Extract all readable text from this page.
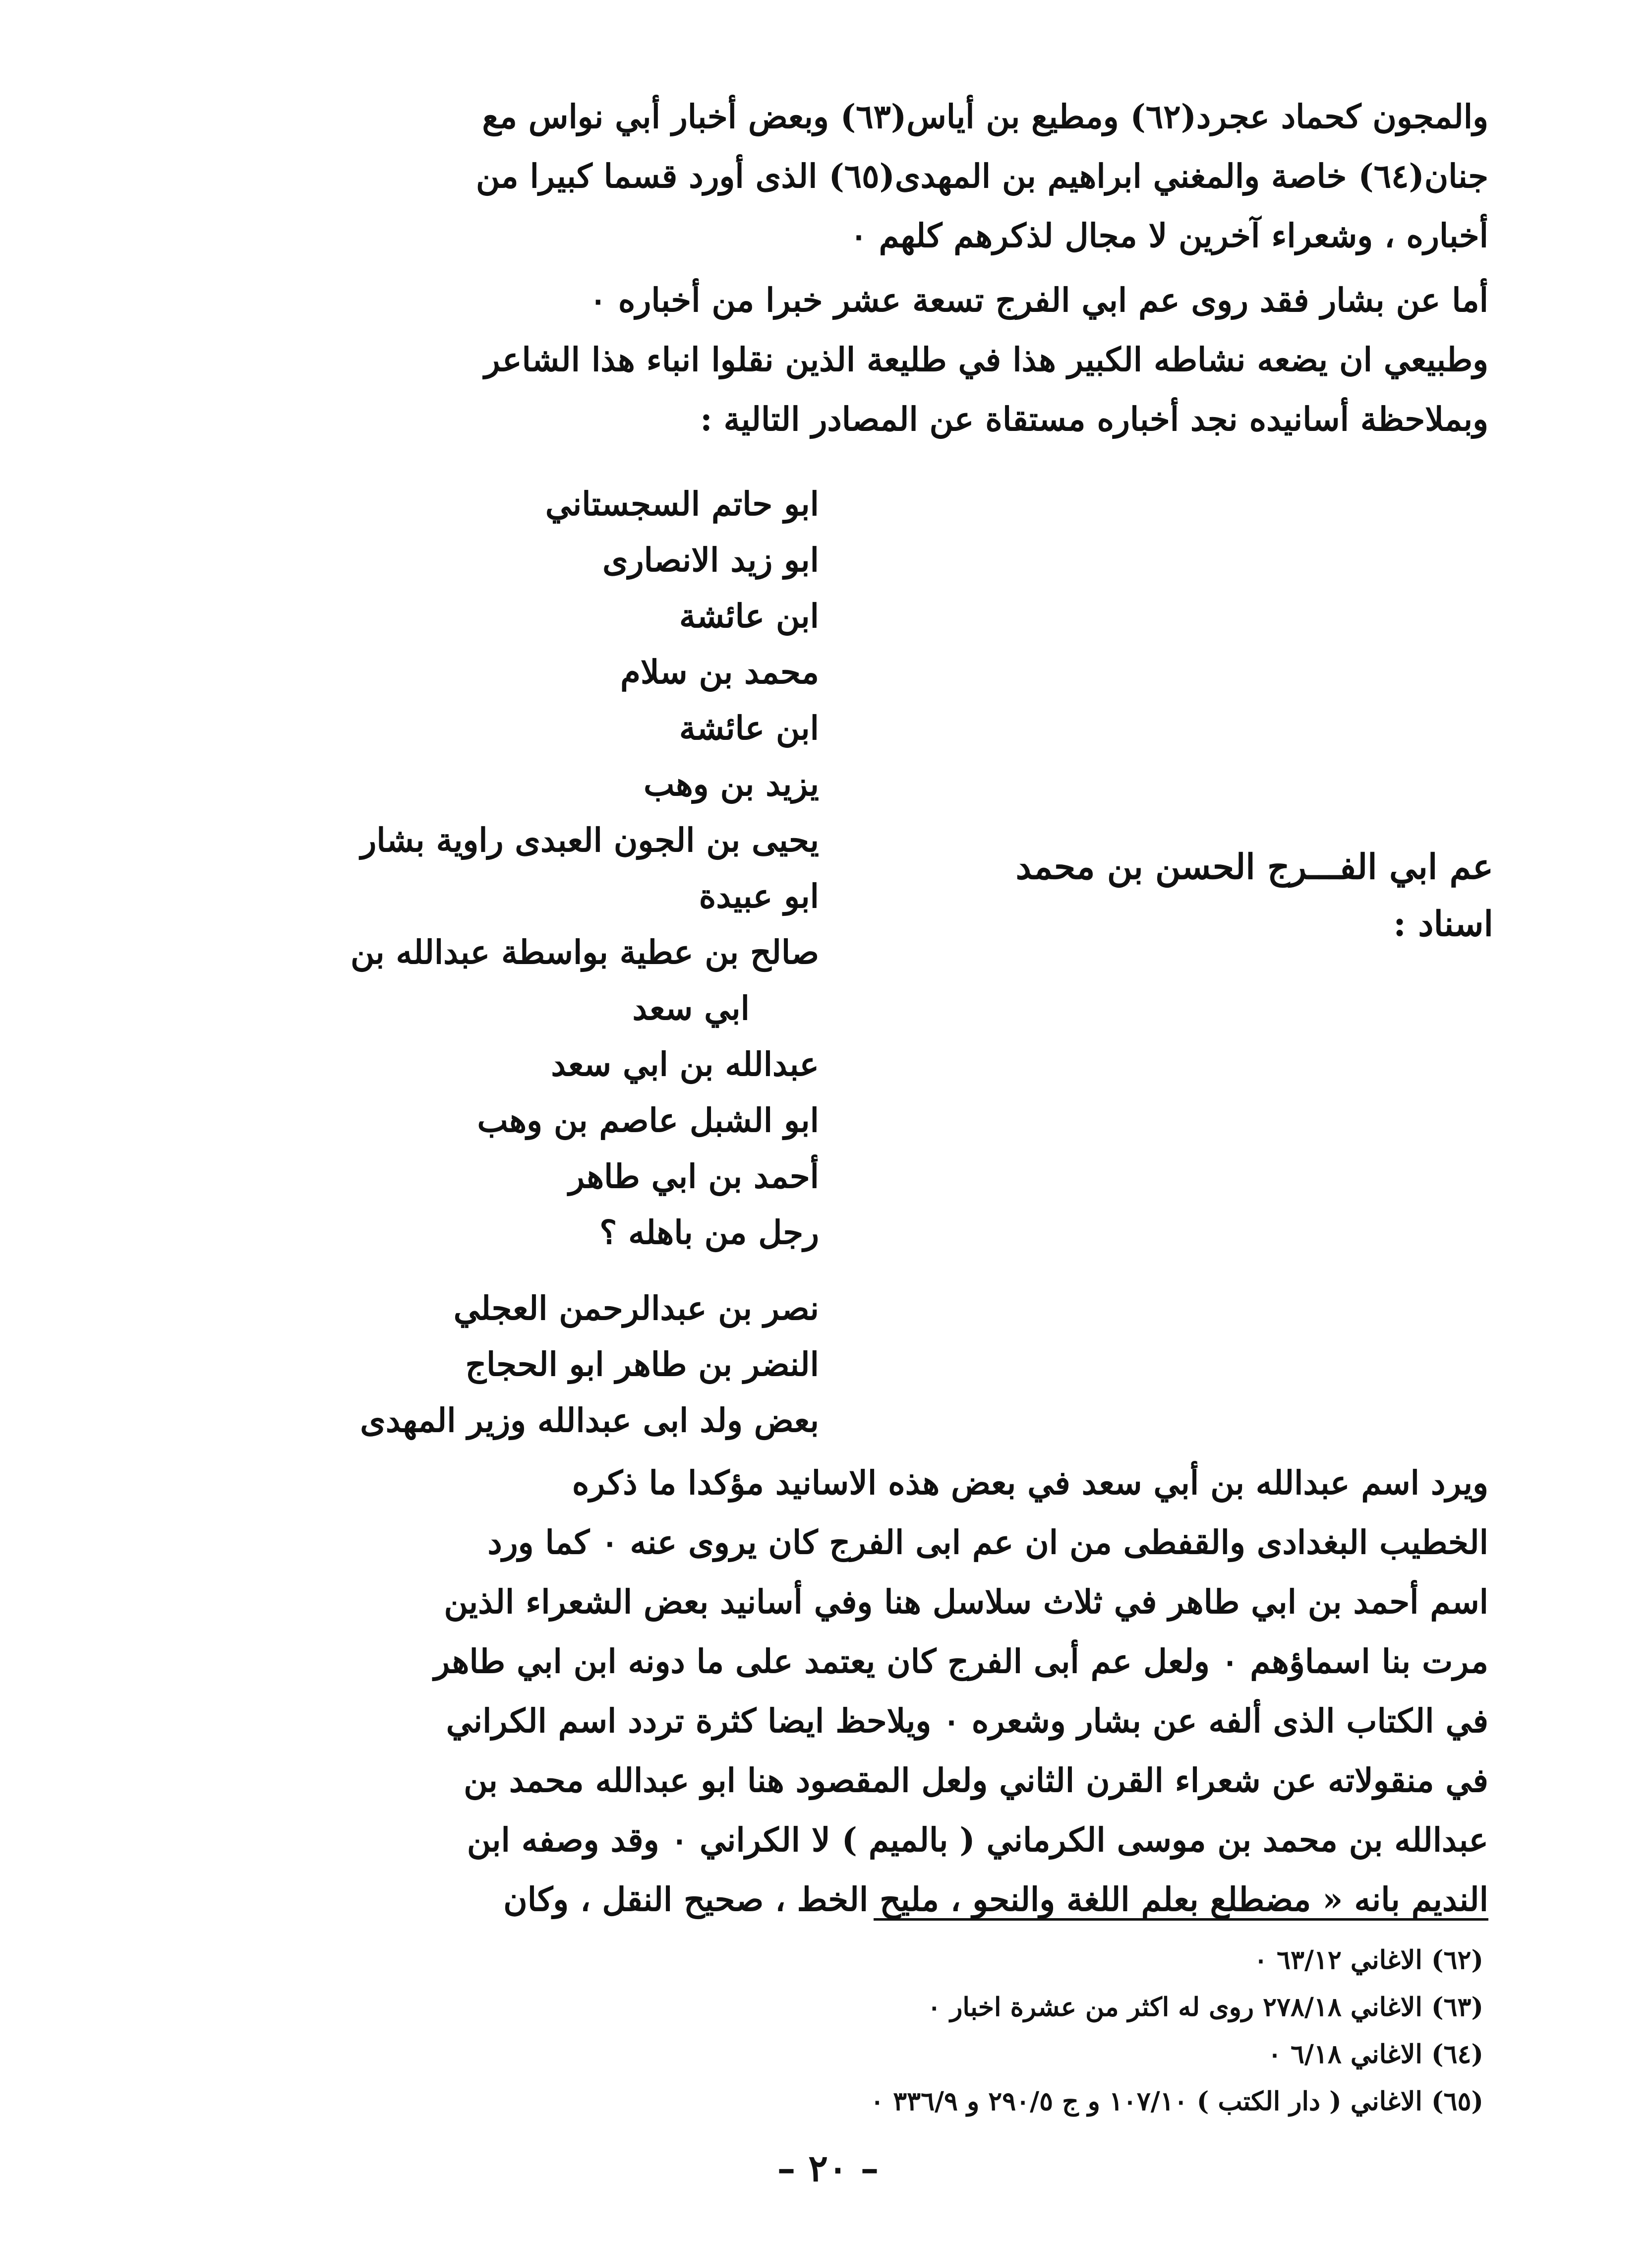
والمجون كحماد عجرد(٦٢) ومطيع بن أياس(٦٣) وبعض أخبار أبي نواس مع
جنان(٦٤) خاصة والمغني ابراهيم بن المهدى(٦٥) الذى أورد قسما كبيرا من
أخباره ، وشعراء آخرين لا مجال لذكرهم كلهم ٠
أما عن بشار فقد روى عم ابي الفرج تسعة عشر خبرا من أخباره ٠
وطبيعي ان يضعه نشاطه الكبير هذا في طليعة الذين نقلوا انباء هذا الشاعر
وبملاحظة أسانيده نجد أخباره مستقاة عن المصادر التالية :
ابو حاتم السجستاني
ابو زيد الانصارى
ابن عائشة
محمد بن سلام
ابن عائشة
يزيد بن وهب
يحيى بن الجون العبدى راوية بشار
ابو عبيدة
صالح بن عطية بواسطة عبدالله بن
ابي سعد
عبدالله بن ابي سعد
ابو الشبل عاصم بن وهب
أحمد بن ابي طاهر
رجل من باهله ؟
نصر بن عبدالرحمن العجلي
النضر بن طاهر ابو الحجاج
بعض ولد ابى عبدالله وزير المهدى
عم ابي الفـــرج الحسن بن محمد
اسناد :
ويرد اسم عبدالله بن أبي سعد في بعض هذه الاسانيد مؤكدا ما ذكره
الخطيب البغدادى والقفطى من ان عم ابى الفرج كان يروى عنه ٠ كما ورد
اسم أحمد بن ابي طاهر في ثلاث سلاسل هنا وفي أسانيد بعض الشعراء الذين
مرت بنا اسماؤهم ٠ ولعل عم أبى الفرج كان يعتمد على ما دونه ابن ابي طاهر
في الكتاب الذى ألفه عن بشار وشعره ٠ ويلاحظ ايضا كثرة تردد اسم الكراني
في منقولاته عن شعراء القرن الثاني ولعل المقصود هنا ابو عبدالله محمد بن
عبدالله بن محمد بن موسى الكرماني ( بالميم ) لا الكراني ٠ وقد وصفه ابن
النديم بانه « مضطلع بعلم اللغة والنحو ، مليح الخط ، صحيح النقل ، وكان
(٦٢) الاغاني ٦٣/١٢ ٠
(٦٣) الاغاني ٢٧٨/١٨ روى له اكثر من عشرة اخبار ٠
(٦٤) الاغاني ٦/١٨ ٠
(٦٥) الاغاني ( دار الكتب ) ١٠٧/١٠ و ج ٢٩٠/٥ و ٣٣٦/٩ ٠
– ٢٠ –
